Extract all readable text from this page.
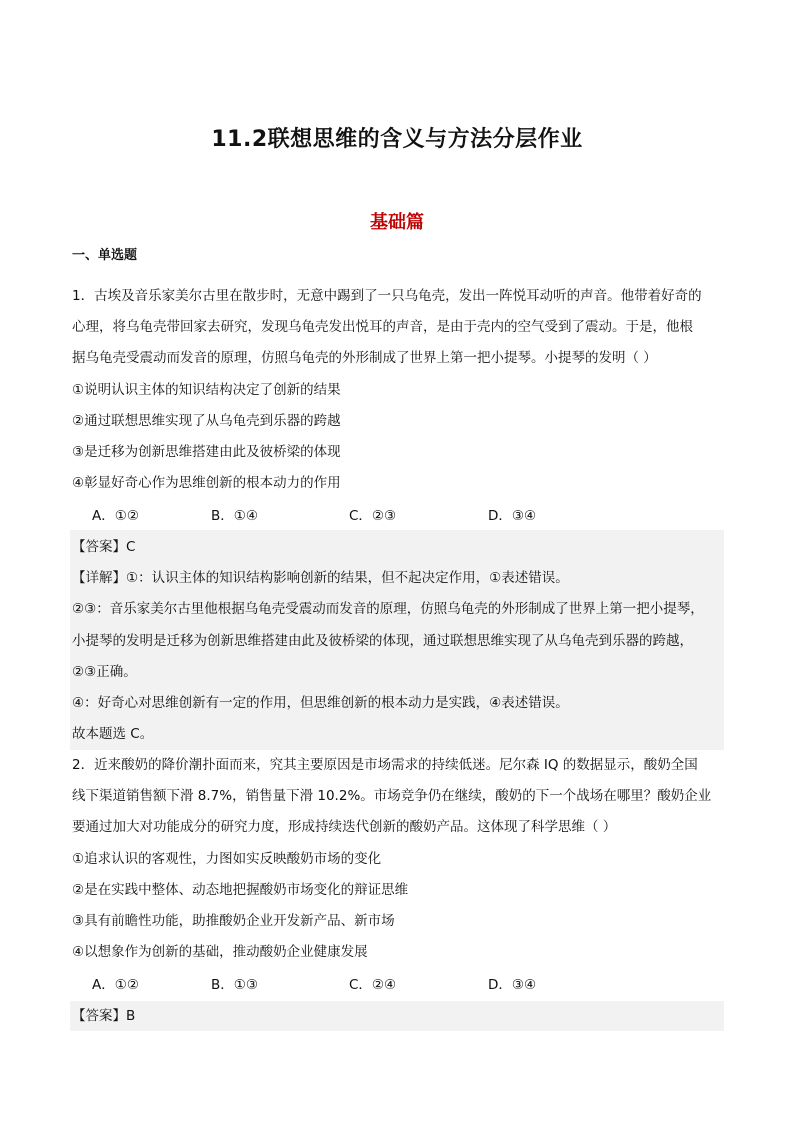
11.2联想思维的含义与方法分层作业
基础篇
一、单选题
1．古埃及音乐家美尔古里在散步时，无意中踢到了一只乌龟壳，发出一阵悦耳动听的声音。他带着好奇的
心理，将乌龟壳带回家去研究，发现乌龟壳发出悦耳的声音，是由于壳内的空气受到了震动。于是，他根
据乌龟壳受震动而发音的原理，仿照乌龟壳的外形制成了世界上第一把小提琴。小提琴的发明（ ）
①说明认识主体的知识结构决定了创新的结果
②通过联想思维实现了从乌龟壳到乐器的跨越
③是迁移为创新思维搭建由此及彼桥梁的体现
④彰显好奇心作为思维创新的根本动力的作用
A．①②	B．①④	C．②③	D．③④
【答案】C
【详解】①：认识主体的知识结构影响创新的结果，但不起决定作用，①表述错误。
②③：音乐家美尔古里他根据乌龟壳受震动而发音的原理，仿照乌龟壳的外形制成了世界上第一把小提琴，
小提琴的发明是迁移为创新思维搭建由此及彼桥梁的体现，通过联想思维实现了从乌龟壳到乐器的跨越，
②③正确。
④：好奇心对思维创新有一定的作用，但思维创新的根本动力是实践，④表述错误。
故本题选 C。
2．近来酸奶的降价潮扑面而来，究其主要原因是市场需求的持续低迷。尼尔森 IQ 的数据显示，酸奶全国
线下渠道销售额下滑 8.7%，销售量下滑 10.2%。市场竞争仍在继续，酸奶的下一个战场在哪里？酸奶企业
要通过加大对功能成分的研究力度，形成持续迭代创新的酸奶产品。这体现了科学思维（ ）
①追求认识的客观性，力图如实反映酸奶市场的变化
②是在实践中整体、动态地把握酸奶市场变化的辩证思维
③具有前瞻性功能，助推酸奶企业开发新产品、新市场
④以想象作为创新的基础，推动酸奶企业健康发展
A．①②	B．①③	C．②④	D．③④
【答案】B
